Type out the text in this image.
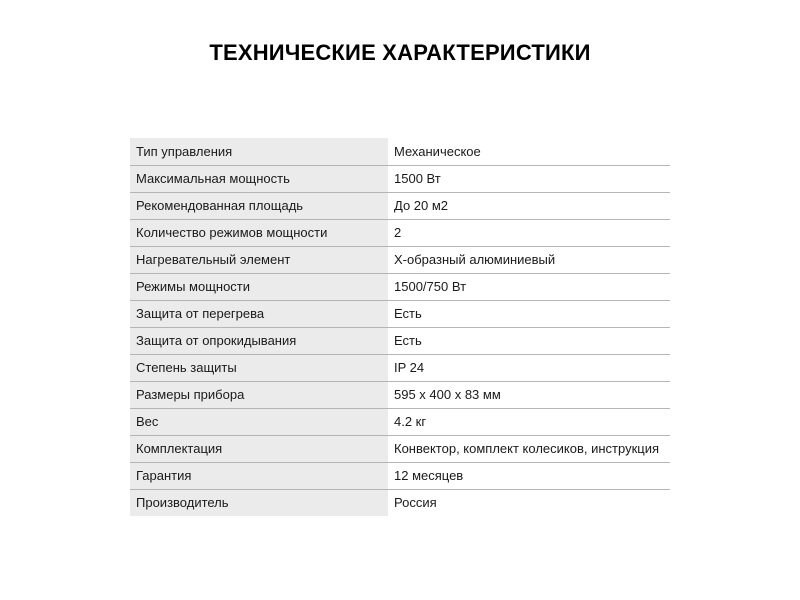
ТЕХНИЧЕСКИЕ ХАРАКТЕРИСТИКИ
Тип управления	Механическое
Максимальная мощность	1500 Вт
Рекомендованная площадь	До 20 м2
Количество режимов мощности	2
Нагревательный элемент	Х-образный алюминиевый
Режимы мощности	1500/750 Вт
Защита от перегрева	Есть
Защита от опрокидывания	Есть
Степень защиты	IP 24
Размеры прибора	595 х 400 х 83 мм
Вес	4.2 кг
Комплектация	Конвектор, комплект колесиков, инструкция
Гарантия	12 месяцев
Производитель	Россия
